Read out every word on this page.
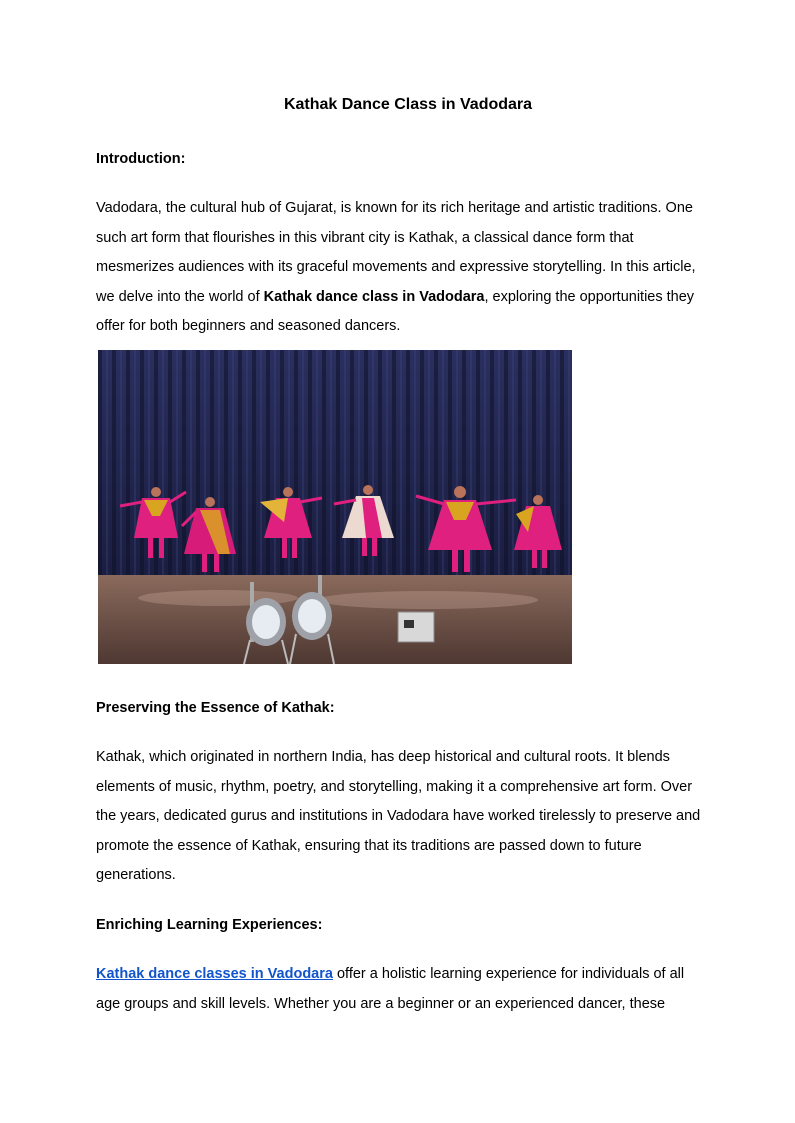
Kathak Dance Class in Vadodara
Introduction:

Vadodara, the cultural hub of Gujarat, is known for its rich heritage and artistic traditions. One such art form that flourishes in this vibrant city is Kathak, a classical dance form that mesmerizes audiences with its graceful movements and expressive storytelling. In this article, we delve into the world of Kathak dance class in Vadodara, exploring the opportunities they offer for both beginners and seasoned dancers.

Preserving the Essence of Kathak:

Kathak, which originated in northern India, has deep historical and cultural roots. It blends elements of music, rhythm, poetry, and storytelling, making it a comprehensive art form. Over the years, dedicated gurus and institutions in Vadodara have worked tirelessly to preserve and promote the essence of Kathak, ensuring that its traditions are passed down to future generations.

Enriching Learning Experiences:

Kathak dance classes in Vadodara offer a holistic learning experience for individuals of all age groups and skill levels. Whether you are a beginner or an experienced dancer, these
